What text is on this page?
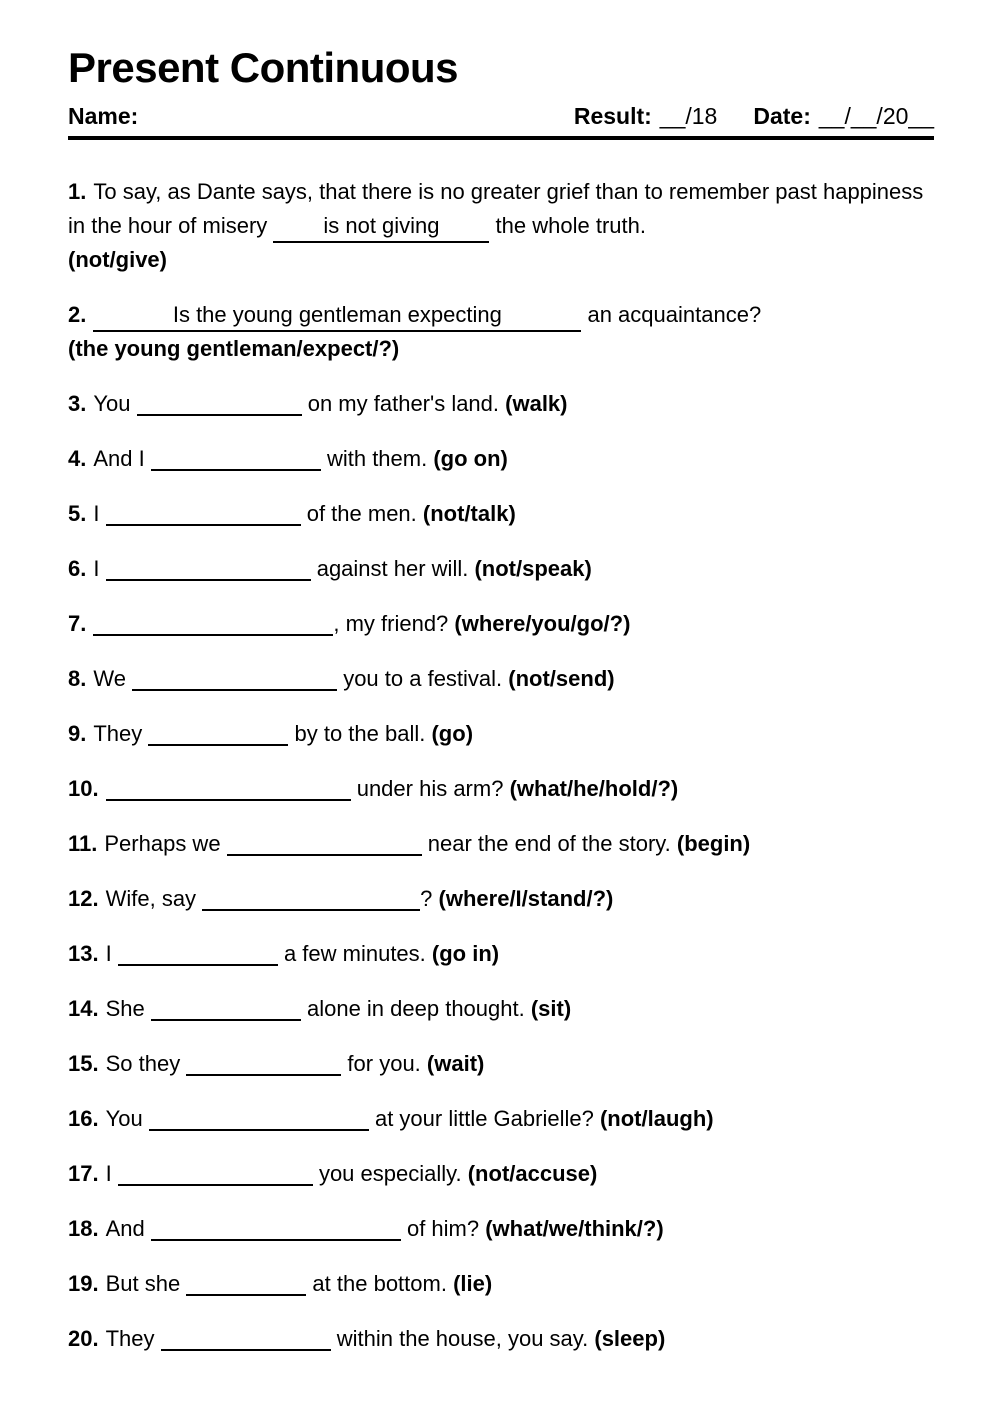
Present Continuous
Name:	Result: __/18 Date: __/__/20__

1. To say, as Dante says, that there is no greater grief than to remember past happiness in the hour of misery is not giving the whole truth.
(not/give)

2.	Is the young gentleman expecting	an acquaintance?
(the young gentleman/expect/?)

3. You	on my father's land. (walk)

4. And I	with them. (go on)

5. I	of the men. (not/talk)

6. I	against her will. (not/speak)

7.	, my friend? (where/you/go/?)

8. We	you to a festival. (not/send)

9. They	by to the ball. (go)

10.	under his arm? (what/he/hold/?)

11. Perhaps we	near the end of the story. (begin)

12. Wife, say	? (where/I/stand/?)

13. I	a few minutes. (go in)

14. She	alone in deep thought. (sit)

15. So they	for you. (wait)

16. You	at your little Gabrielle? (not/laugh)

17. I	you especially. (not/accuse)

18. And	of him? (what/we/think/?)

19. But she	at the bottom. (lie)

20. They	within the house, you say. (sleep)
